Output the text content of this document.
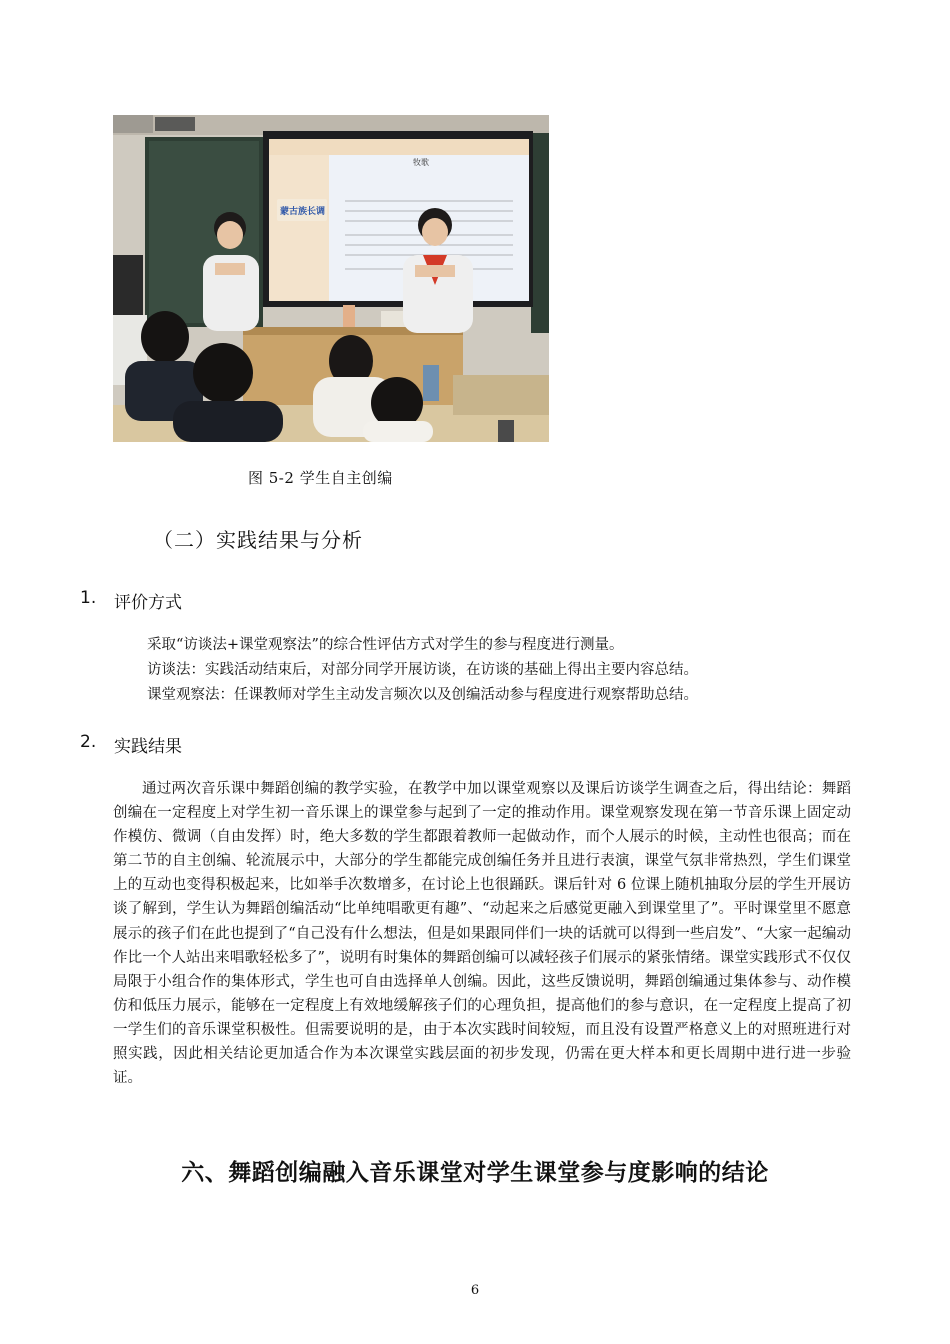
牧歌
蒙古族长调
图 5-2 学生自主创编
（二）实践结果与分析
1. 评价方式
采取“访谈法+课堂观察法”的综合性评估方式对学生的参与程度进行测量。
访谈法：实践活动结束后，对部分同学开展访谈，在访谈的基础上得出主要内容总结。
课堂观察法：任课教师对学生主动发言频次以及创编活动参与程度进行观察帮助总结。
2. 实践结果
通过两次音乐课中舞蹈创编的教学实验，在教学中加以课堂观察以及课后访谈学生调查之后，得出结论：舞蹈创编在一定程度上对学生初一音乐课上的课堂参与起到了一定的推动作用。课堂观察发现在第一节音乐课上固定动作模仿、微调（自由发挥）时，绝大多数的学生都跟着教师一起做动作，而个人展示的时候，主动性也很高；而在第二节的自主创编、轮流展示中，大部分的学生都能完成创编任务并且进行表演，课堂气氛非常热烈，学生们课堂上的互动也变得积极起来，比如举手次数增多，在讨论上也很踊跃。课后针对 6 位课上随机抽取分层的学生开展访谈了解到，学生认为舞蹈创编活动“比单纯唱歌更有趣”、“动起来之后感觉更融入到课堂里了”。平时课堂里不愿意展示的孩子们在此也提到了“自己没有什么想法，但是如果跟同伴们一块的话就可以得到一些启发”、“大家一起编动作比一个人站出来唱歌轻松多了”，说明有时集体的舞蹈创编可以减轻孩子们展示的紧张情绪。课堂实践形式不仅仅局限于小组合作的集体形式，学生也可自由选择单人创编。因此，这些反馈说明，舞蹈创编通过集体参与、动作模仿和低压力展示，能够在一定程度上有效地缓解孩子们的心理负担，提高他们的参与意识，在一定程度上提高了初一学生们的音乐课堂积极性。但需要说明的是，由于本次实践时间较短，而且没有设置严格意义上的对照班进行对照实践，因此相关结论更加适合作为本次课堂实践层面的初步发现，仍需在更大样本和更长周期中进行进一步验证。
六、舞蹈创编融入音乐课堂对学生课堂参与度影响的结论
6
